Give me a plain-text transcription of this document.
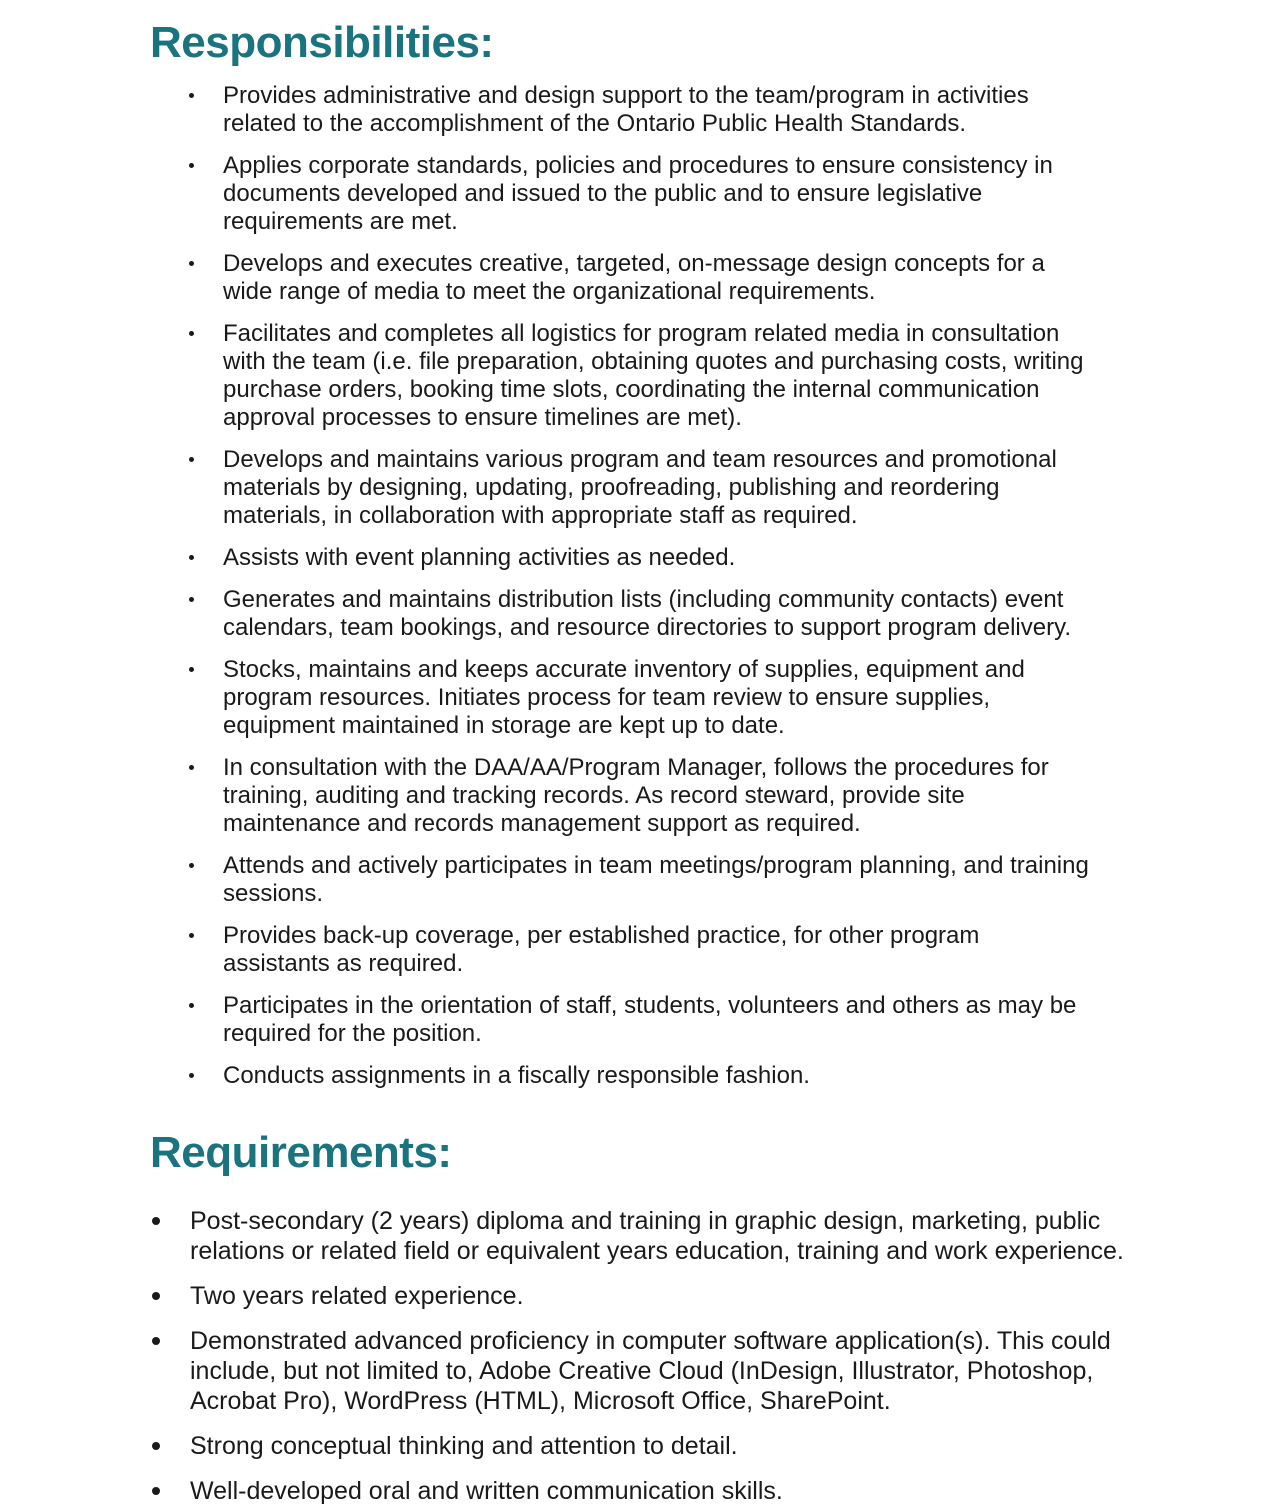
Responsibilities:
Provides administrative and design support to the team/program in activities related to the accomplishment of the Ontario Public Health Standards.
Applies corporate standards, policies and procedures to ensure consistency in documents developed and issued to the public and to ensure legislative requirements are met.
Develops and executes creative, targeted, on-message design concepts for a wide range of media to meet the organizational requirements.
Facilitates and completes all logistics for program related media in consultation with the team (i.e. file preparation, obtaining quotes and purchasing costs, writing purchase orders, booking time slots, coordinating the internal communication approval processes to ensure timelines are met).
Develops and maintains various program and team resources and promotional materials by designing, updating, proofreading, publishing and reordering materials, in collaboration with appropriate staff as required.
Assists with event planning activities as needed.
Generates and maintains distribution lists (including community contacts) event calendars, team bookings, and resource directories to support program delivery.
Stocks, maintains and keeps accurate inventory of supplies, equipment and program resources. Initiates process for team review to ensure supplies, equipment maintained in storage are kept up to date.
In consultation with the DAA/AA/Program Manager, follows the procedures for training, auditing and tracking records. As record steward, provide site maintenance and records management support as required.
Attends and actively participates in team meetings/program planning, and training sessions.
Provides back-up coverage, per established practice, for other program assistants as required.
Participates in the orientation of staff, students, volunteers and others as may be required for the position.
Conducts assignments in a fiscally responsible fashion.
Requirements:
Post-secondary (2 years) diploma and training in graphic design, marketing, public relations or related field or equivalent years education, training and work experience.
Two years related experience.
Demonstrated advanced proficiency in computer software application(s). This could include, but not limited to, Adobe Creative Cloud (InDesign, Illustrator, Photoshop, Acrobat Pro), WordPress (HTML), Microsoft Office, SharePoint.
Strong conceptual thinking and attention to detail.
Well-developed oral and written communication skills.
